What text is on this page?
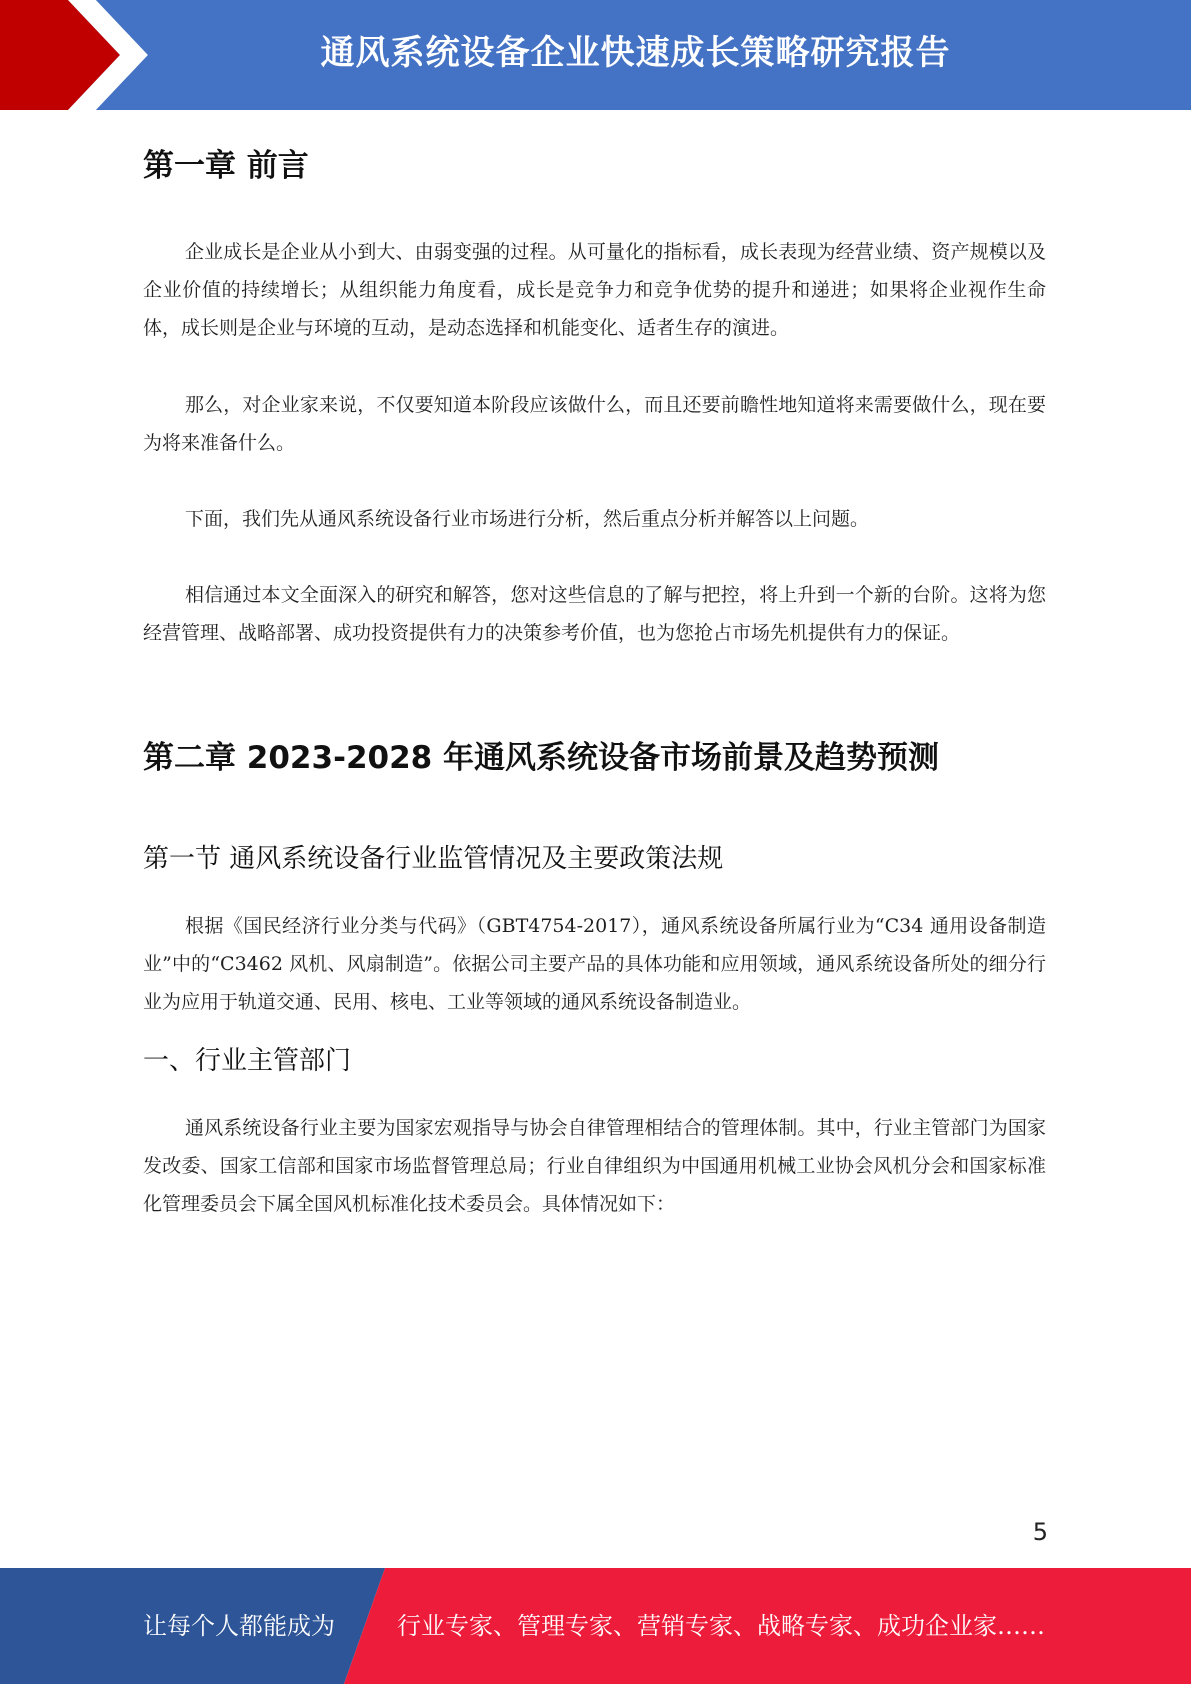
通风系统设备企业快速成长策略研究报告
第一章 前言
企业成长是企业从小到大、由弱变强的过程。从可量化的指标看，成长表现为经营业绩、资产规模以及企业价值的持续增长；从组织能力角度看，成长是竞争力和竞争优势的提升和递进；如果将企业视作生命体，成长则是企业与环境的互动，是动态选择和机能变化、适者生存的演进。
那么，对企业家来说，不仅要知道本阶段应该做什么，而且还要前瞻性地知道将来需要做什么，现在要为将来准备什么。
下面，我们先从通风系统设备行业市场进行分析，然后重点分析并解答以上问题。
相信通过本文全面深入的研究和解答，您对这些信息的了解与把控，将上升到一个新的台阶。这将为您经营管理、战略部署、成功投资提供有力的决策参考价值，也为您抢占市场先机提供有力的保证。
第二章 2023-2028 年通风系统设备市场前景及趋势预测
第一节 通风系统设备行业监管情况及主要政策法规
根据《国民经济行业分类与代码》（GBT4754-2017），通风系统设备所属行业为“C34 通用设备制造业”中的“C3462 风机、风扇制造”。依据公司主要产品的具体功能和应用领域，通风系统设备所处的细分行业为应用于轨道交通、民用、核电、工业等领域的通风系统设备制造业。
一、行业主管部门
通风系统设备行业主要为国家宏观指导与协会自律管理相结合的管理体制。其中，行业主管部门为国家发改委、国家工信部和国家市场监督管理总局；行业自律组织为中国通用机械工业协会风机分会和国家标准化管理委员会下属全国风机标准化技术委员会。具体情况如下：
5
让每个人都能成为	行业专家、管理专家、营销专家、战略专家、成功企业家……
